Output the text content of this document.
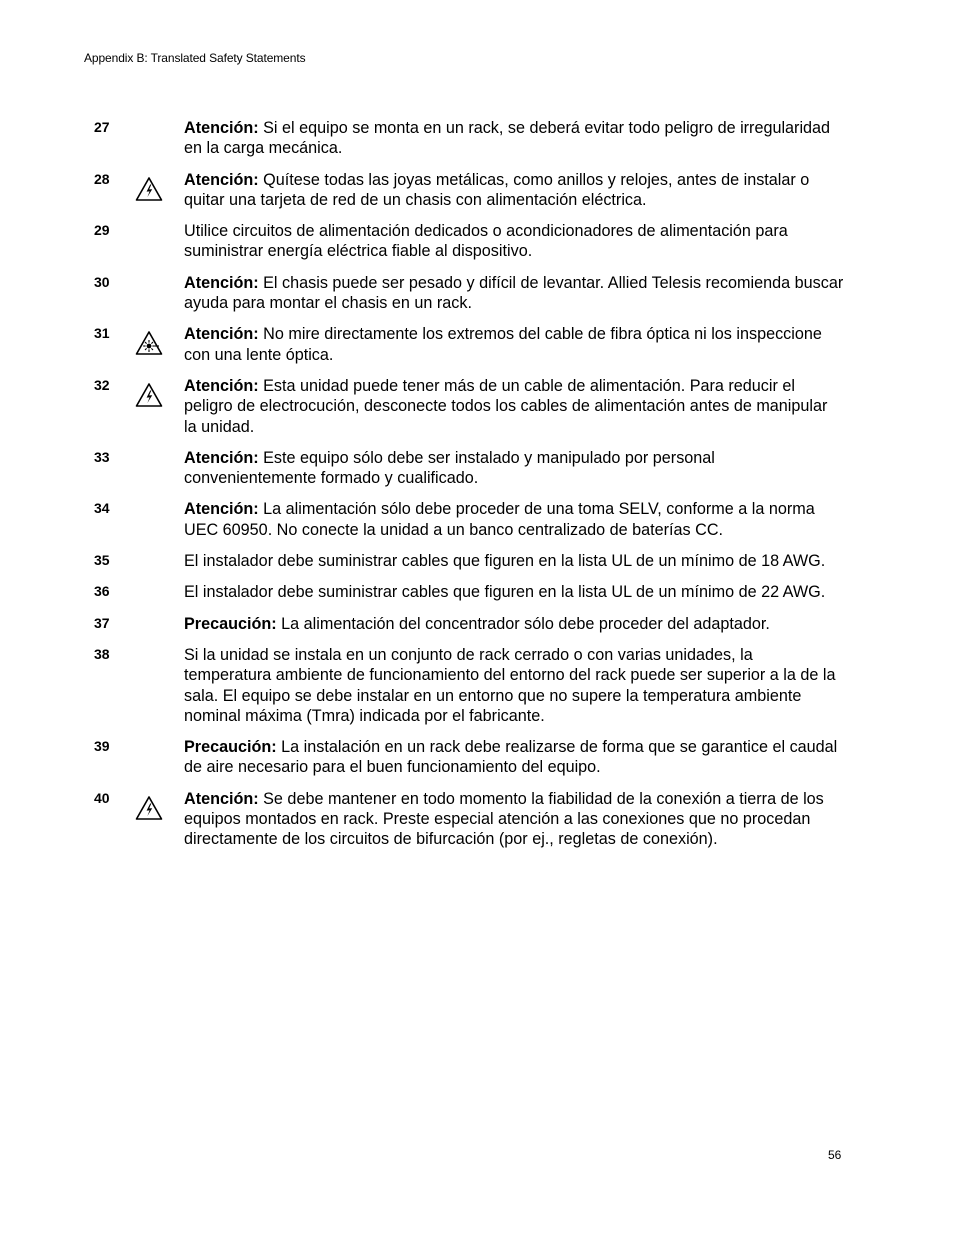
Appendix B: Translated Safety Statements
27	Atención: Si el equipo se monta en un rack, se deberá evitar todo peligro de irregularidad en la carga mecánica.
28	Atención: Quítese todas las joyas metálicas, como anillos y relojes, antes de instalar o quitar una tarjeta de red de un chasis con alimentación eléctrica.
29	Utilice circuitos de alimentación dedicados o acondicionadores de alimentación para suministrar energía eléctrica fiable al dispositivo.
30	Atención: El chasis puede ser pesado y difícil de levantar. Allied Telesis recomienda buscar ayuda para montar el chasis en un rack.
31	Atención: No mire directamente los extremos del cable de fibra óptica ni los inspeccione con una lente óptica.
32	Atención: Esta unidad puede tener más de un cable de alimentación. Para reducir el peligro de electrocución, desconecte todos los cables de alimentación antes de manipular la unidad.
33	Atención: Este equipo sólo debe ser instalado y manipulado por personal convenientemente formado y cualificado.
34	Atención: La alimentación sólo debe proceder de una toma SELV, conforme a la norma UEC 60950. No conecte la unidad a un banco centralizado de baterías CC.
35	El instalador debe suministrar cables que figuren en la lista UL de un mínimo de 18 AWG.
36	El instalador debe suministrar cables que figuren en la lista UL de un mínimo de 22 AWG.
37	Precaución: La alimentación del concentrador sólo debe proceder del adaptador.
38	Si la unidad se instala en un conjunto de rack cerrado o con varias unidades, la temperatura ambiente de funcionamiento del entorno del rack puede ser superior a la de la sala. El equipo se debe instalar en un entorno que no supere la temperatura ambiente nominal máxima (Tmra) indicada por el fabricante.
39	Precaución: La instalación en un rack debe realizarse de forma que se garantice el caudal de aire necesario para el buen funcionamiento del equipo.
40	Atención: Se debe mantener en todo momento la fiabilidad de la conexión a tierra de los equipos montados en rack. Preste especial atención a las conexiones que no procedan directamente de los circuitos de bifurcación (por ej., regletas de conexión).
56
